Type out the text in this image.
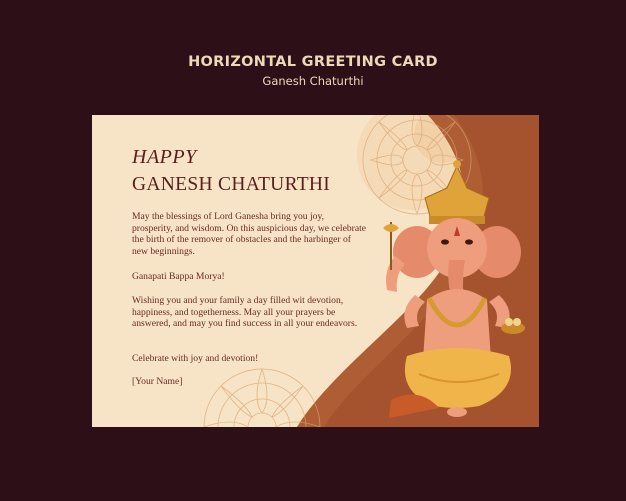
HORIZONTAL GREETING CARD
Ganesh Chaturthi
HAPPY
GANESH CHATURTHI
May the blessings of Lord Ganesha bring you joy, prosperity, and wisdom. On this auspicious day, we celebrate the birth of the remover of obstacles and the harbinger of new beginnings.
Ganapati Bappa Morya!
Wishing you and your family a day filled wit devotion, happiness, and togetherness. May all your prayers be answered, and may you find success in all your endeavors.
Celebrate with joy and devotion!
[Your Name]
